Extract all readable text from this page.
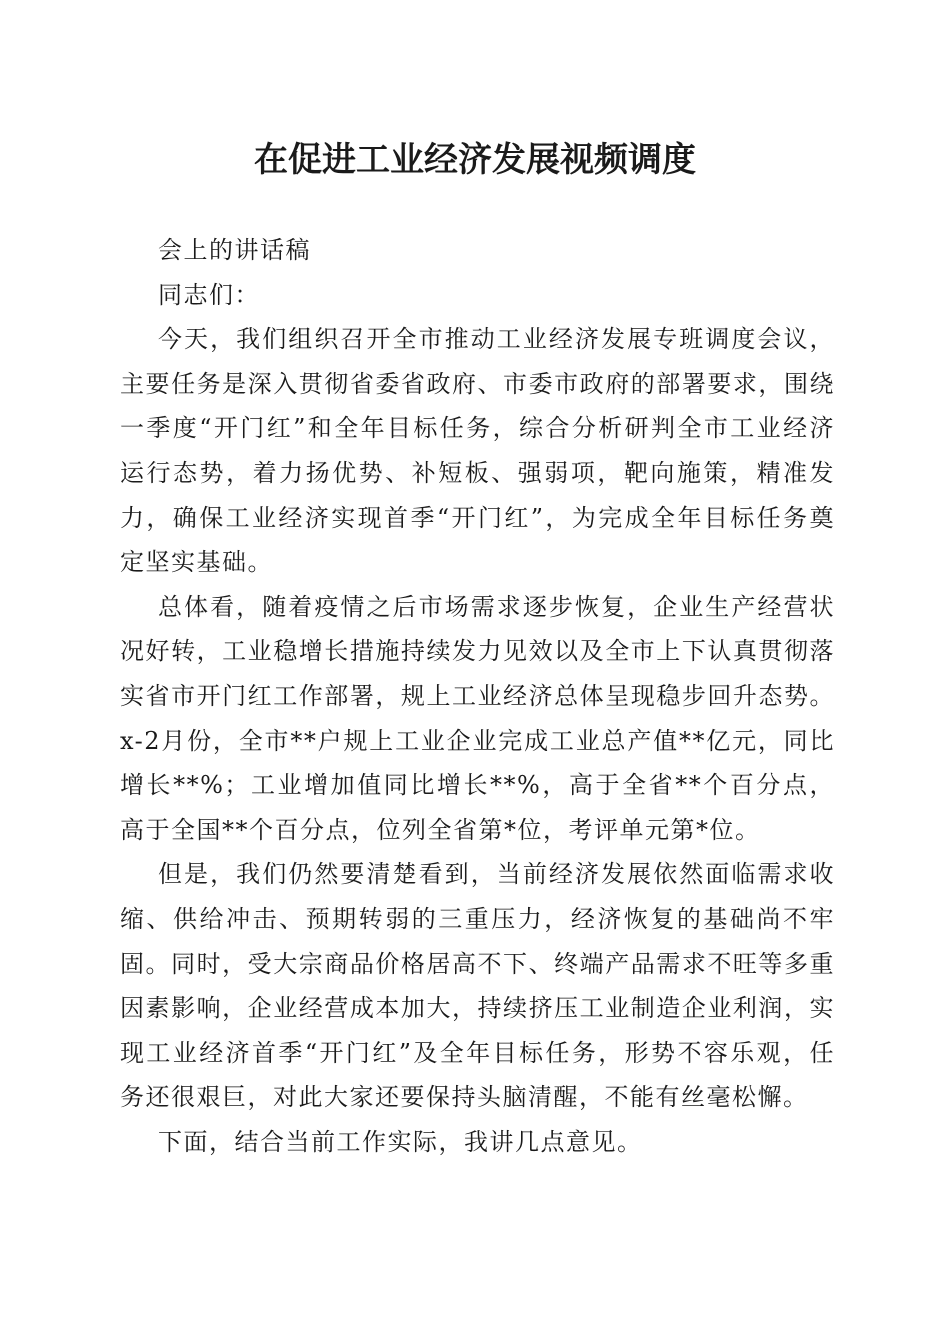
在促进工业经济发展视频调度

会上的讲话稿

同志们：

今天，我们组织召开全市推动工业经济发展专班调度会议，主要任务是深入贯彻省委省政府、市委市政府的部署要求，围绕一季度“开门红”和全年目标任务，综合分析研判全市工业经济运行态势，着力扬优势、补短板、强弱项，靶向施策，精准发力，确保工业经济实现首季“开门红”，为完成全年目标任务奠定坚实基础。

总体看，随着疫情之后市场需求逐步恢复，企业生产经营状况好转，工业稳增长措施持续发力见效以及全市上下认真贯彻落实省市开门红工作部署，规上工业经济总体呈现稳步回升态势。x-2月份，全市**户规上工业企业完成工业总产值**亿元，同比增长**%；工业增加值同比增长**%，高于全省**个百分点，高于全国**个百分点，位列全省第*位，考评单元第*位。

但是，我们仍然要清楚看到，当前经济发展依然面临需求收缩、供给冲击、预期转弱的三重压力，经济恢复的基础尚不牢固。同时，受大宗商品价格居高不下、终端产品需求不旺等多重因素影响，企业经营成本加大，持续挤压工业制造企业利润，实现工业经济首季“开门红”及全年目标任务，形势不容乐观，任务还很艰巨，对此大家还要保持头脑清醒，不能有丝毫松懈。

下面，结合当前工作实际，我讲几点意见。
